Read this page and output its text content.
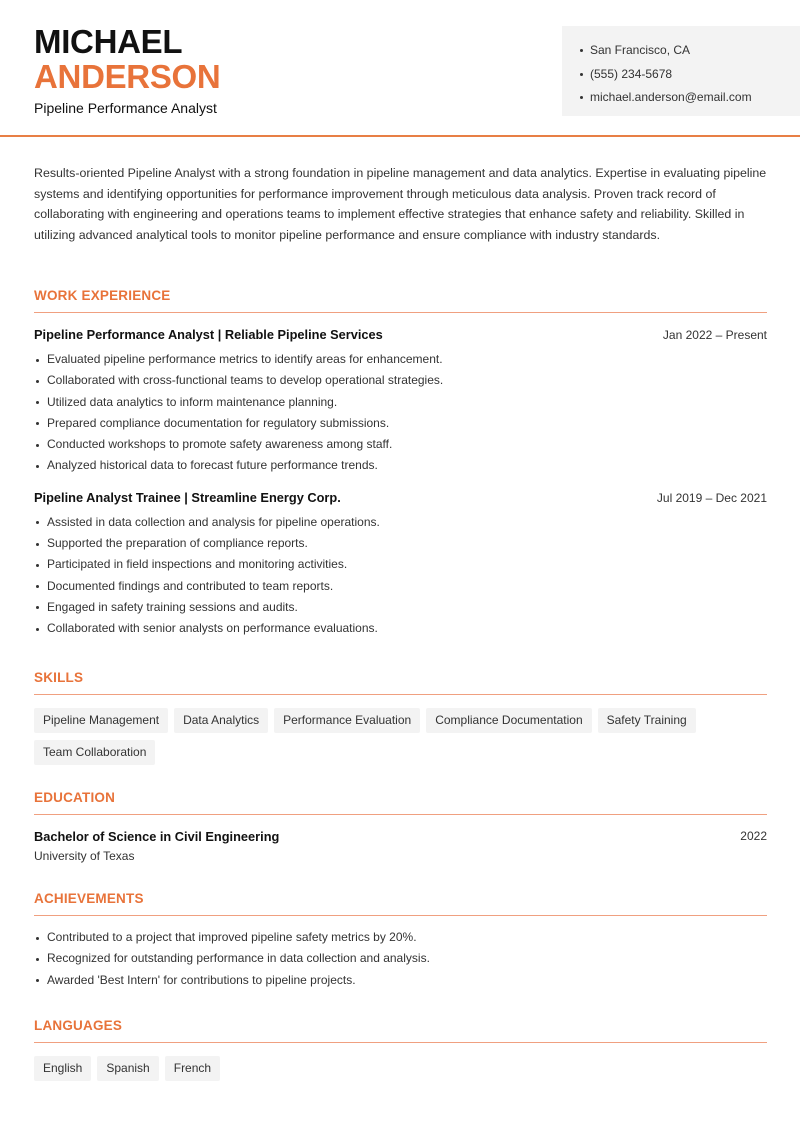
MICHAEL
ANDERSON
Pipeline Performance Analyst
San Francisco, CA
(555) 234-5678
michael.anderson@email.com

Results-oriented Pipeline Analyst with a strong foundation in pipeline management and data analytics. Expertise in evaluating pipeline systems and identifying opportunities for performance improvement through meticulous data analysis. Proven track record of collaborating with engineering and operations teams to implement effective strategies that enhance safety and reliability. Skilled in utilizing advanced analytical tools to monitor pipeline performance and ensure compliance with industry standards.

WORK EXPERIENCE
Pipeline Performance Analyst | Reliable Pipeline Services	Jan 2022 – Present
Evaluated pipeline performance metrics to identify areas for enhancement.
Collaborated with cross-functional teams to develop operational strategies.
Utilized data analytics to inform maintenance planning.
Prepared compliance documentation for regulatory submissions.
Conducted workshops to promote safety awareness among staff.
Analyzed historical data to forecast future performance trends.
Pipeline Analyst Trainee | Streamline Energy Corp.	Jul 2019 – Dec 2021
Assisted in data collection and analysis for pipeline operations.
Supported the preparation of compliance reports.
Participated in field inspections and monitoring activities.
Documented findings and contributed to team reports.
Engaged in safety training sessions and audits.
Collaborated with senior analysts on performance evaluations.
SKILLS
Pipeline Management	Data Analytics	Performance Evaluation	Compliance Documentation	Safety Training
Team Collaboration
EDUCATION
Bachelor of Science in Civil Engineering	2022
University of Texas
ACHIEVEMENTS
Contributed to a project that improved pipeline safety metrics by 20%.
Recognized for outstanding performance in data collection and analysis.
Awarded 'Best Intern' for contributions to pipeline projects.
LANGUAGES
English	Spanish	French
